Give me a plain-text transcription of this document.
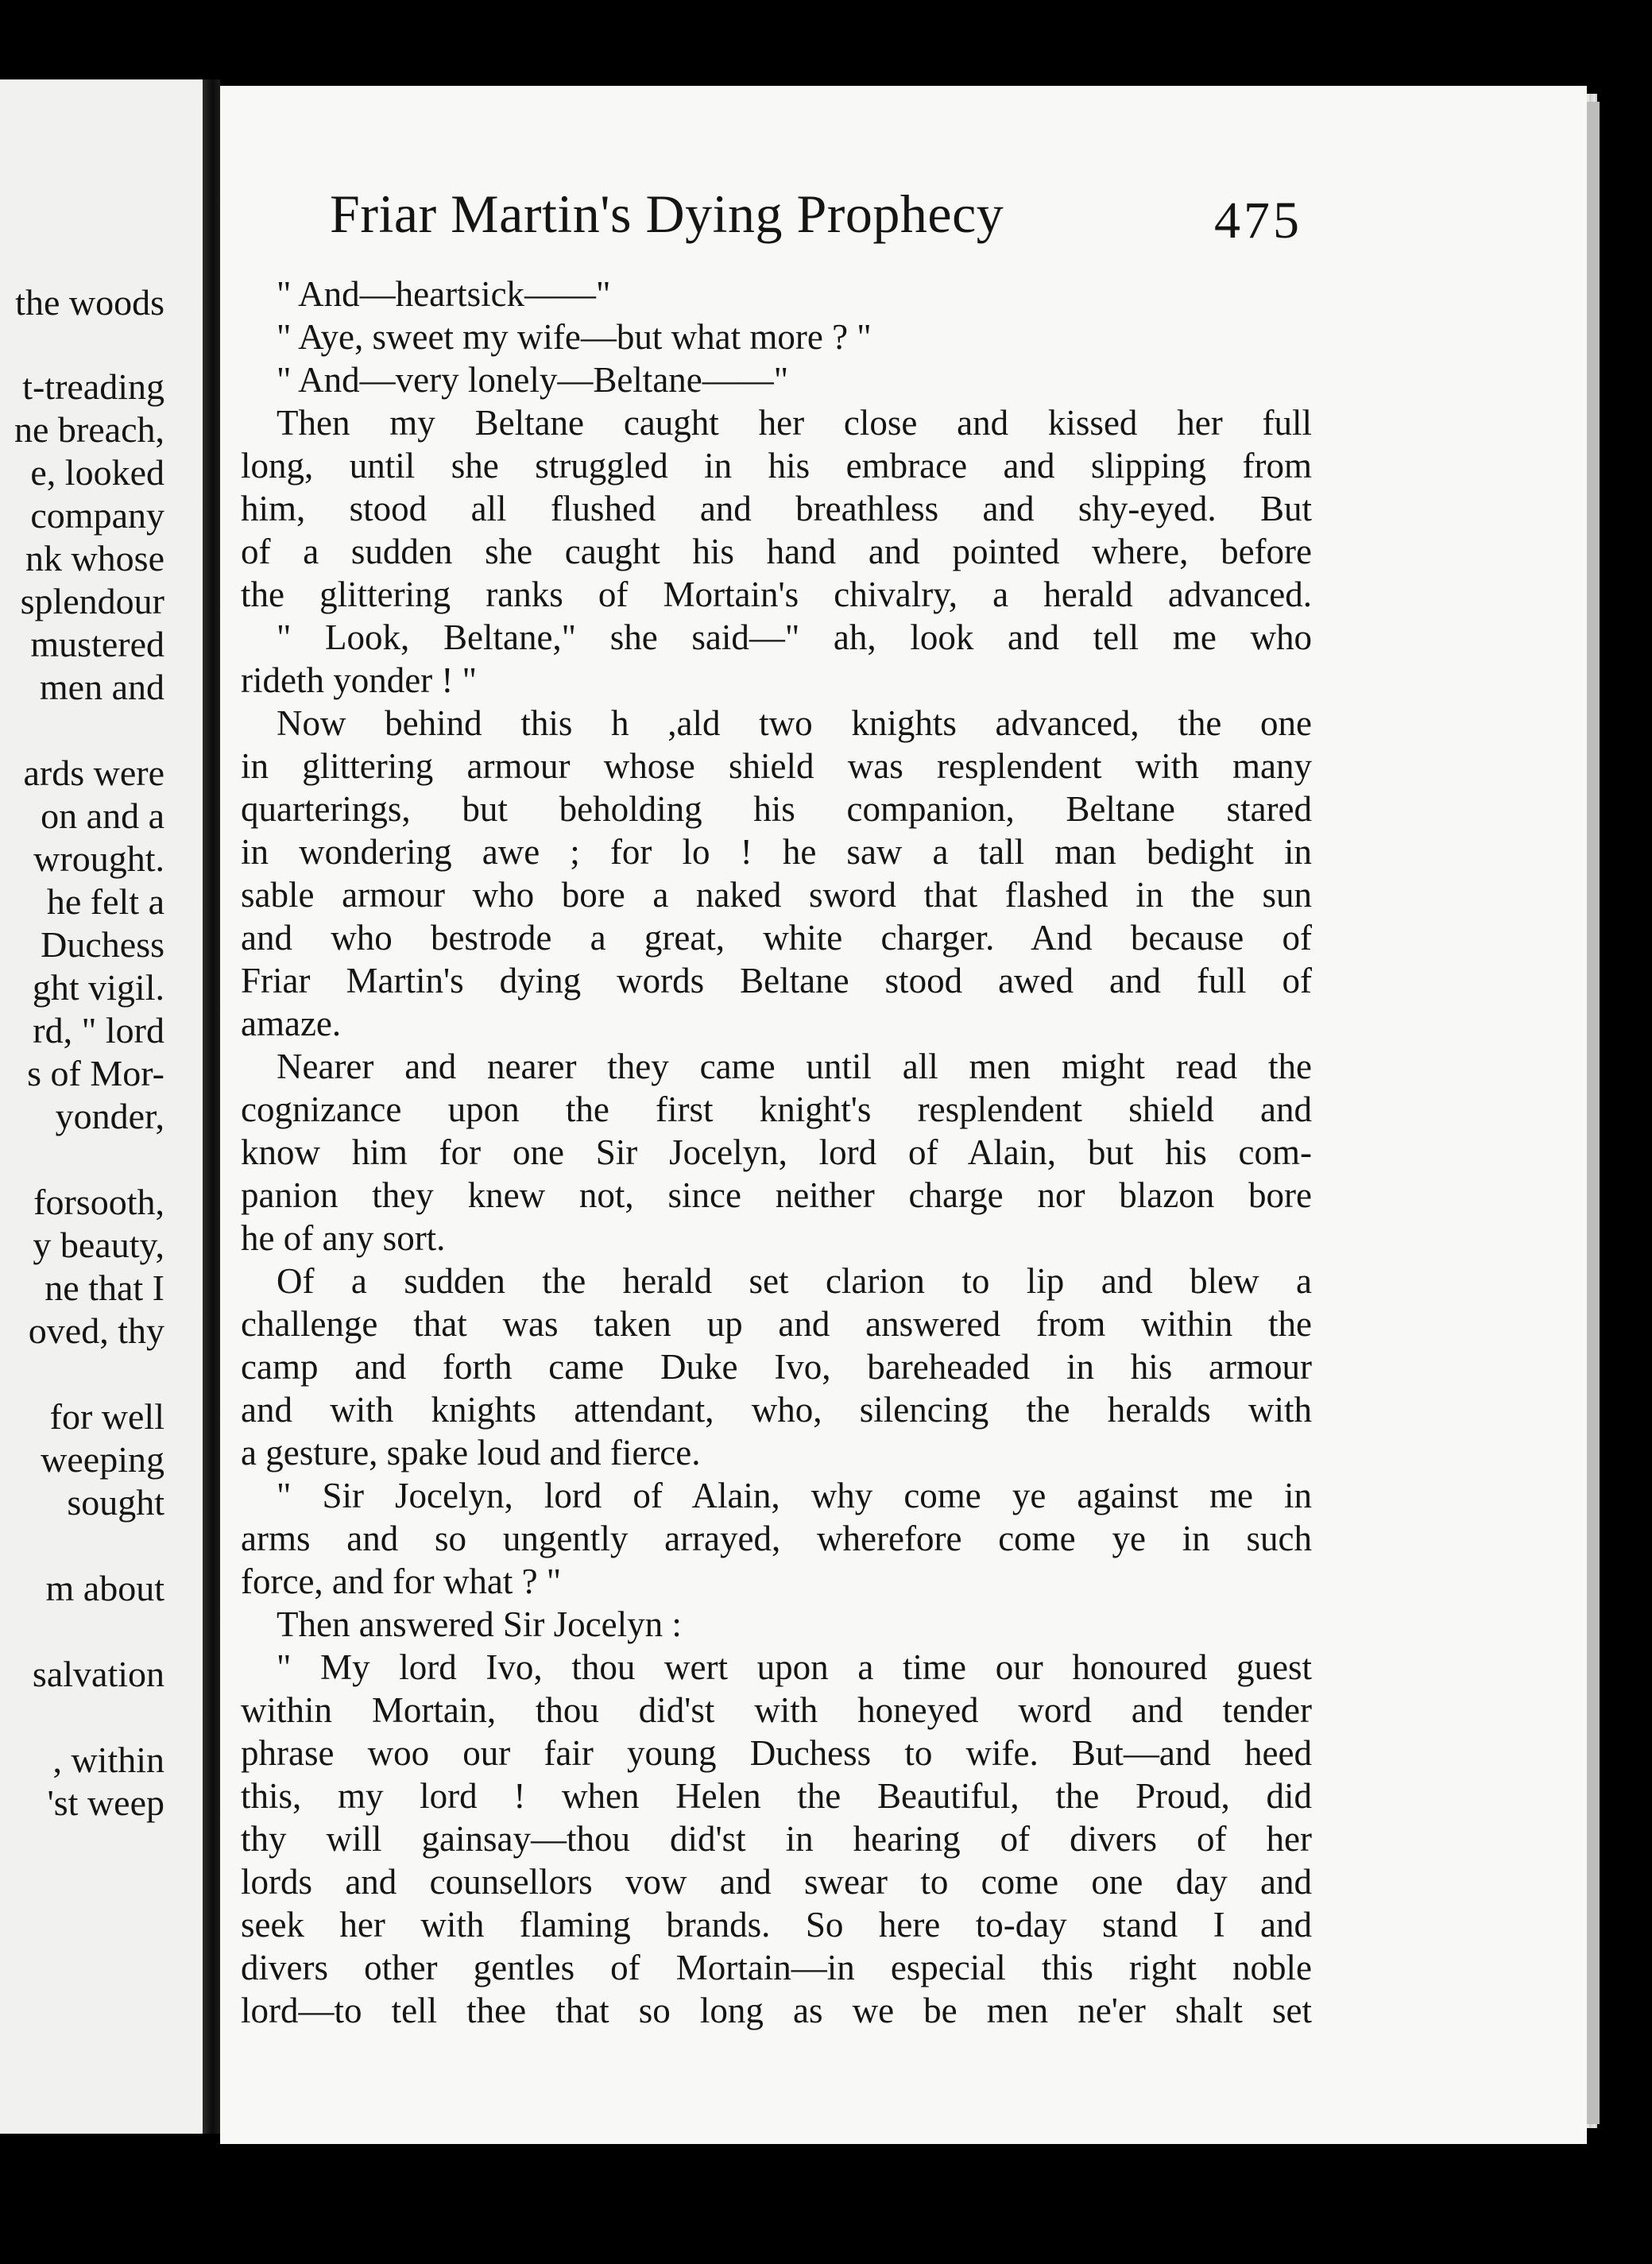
the woods
t-treading
ne breach,
e, looked
company
nk whose
splendour
mustered
men and
ards were
on and a
wrought.
he felt a
Duchess
ght vigil.
rd, " lord
s of Mor-
yonder,
forsooth,
y beauty,
ne that I
oved, thy
for well
weeping
sought
m about
salvation
, within
'st weep
Friar Martin's Dying Prophecy	475
" And—heartsick——"
" Aye, sweet my wife—but what more ? "
" And—very lonely—Beltane——"
Then my Beltane caught her close and kissed her full
long, until she struggled in his embrace and slipping from
him, stood all flushed and breathless and shy-eyed. But
of a sudden she caught his hand and pointed where, before
the glittering ranks of Mortain's chivalry, a herald advanced.
" Look, Beltane," she said—" ah, look and tell me who
rideth yonder ! "
Now behind this h ,ald two knights advanced, the one
in glittering armour whose shield was resplendent with many
quarterings, but beholding his companion, Beltane stared
in wondering awe ; for lo ! he saw a tall man bedight in
sable armour who bore a naked sword that flashed in the sun
and who bestrode a great, white charger. And because of
Friar Martin's dying words Beltane stood awed and full of
amaze.
Nearer and nearer they came until all men might read the
cognizance upon the first knight's resplendent shield and
know him for one Sir Jocelyn, lord of Alain, but his com-
panion they knew not, since neither charge nor blazon bore
he of any sort.
Of a sudden the herald set clarion to lip and blew a
challenge that was taken up and answered from within the
camp and forth came Duke Ivo, bareheaded in his armour
and with knights attendant, who, silencing the heralds with
a gesture, spake loud and fierce.
" Sir Jocelyn, lord of Alain, why come ye against me in
arms and so ungently arrayed, wherefore come ye in such
force, and for what ? "
Then answered Sir Jocelyn :
" My lord Ivo, thou wert upon a time our honoured guest
within Mortain, thou did'st with honeyed word and tender
phrase woo our fair young Duchess to wife. But—and heed
this, my lord ! when Helen the Beautiful, the Proud, did
thy will gainsay—thou did'st in hearing of divers of her
lords and counsellors vow and swear to come one day and
seek her with flaming brands. So here to-day stand I and
divers other gentles of Mortain—in especial this right noble
lord—to tell thee that so long as we be men ne'er shalt set
